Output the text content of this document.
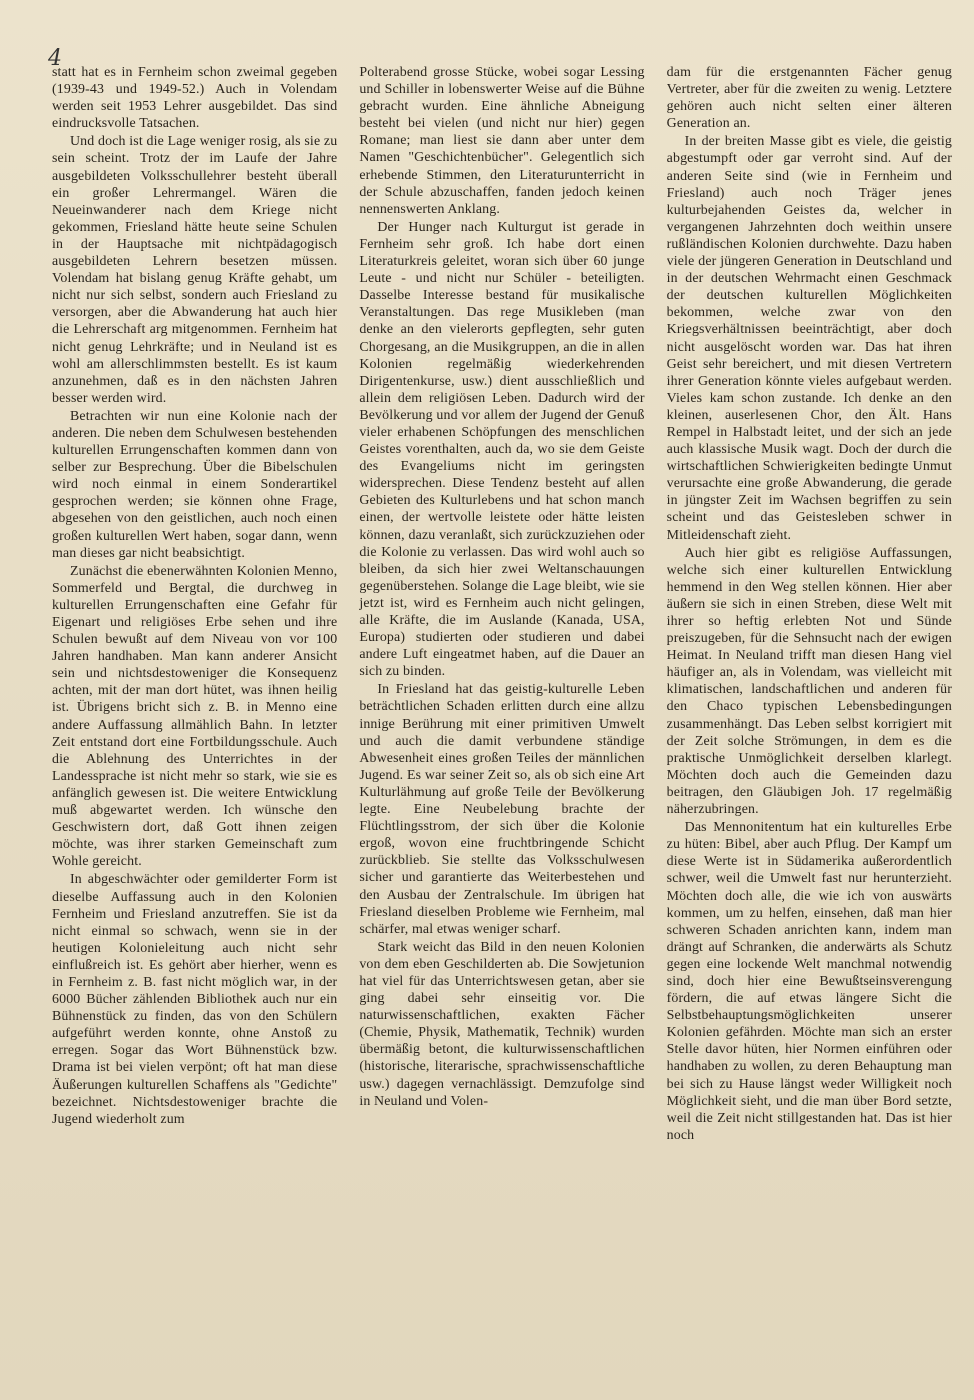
4

statt hat es in Fernheim schon zweimal gegeben (1939-43 und 1949-52.) Auch in Volendam werden seit 1953 Lehrer ausgebildet. Das sind eindrucksvolle Tatsachen.

Und doch ist die Lage weniger rosig, als sie zu sein scheint. Trotz der im Laufe der Jahre ausgebildeten Volksschullehrer besteht überall ein großer Lehrermangel. Wären die Neueinwanderer nach dem Kriege nicht gekommen, Friesland hätte heute seine Schulen in der Hauptsache mit nichtpädagogisch ausgebildeten Lehrern besetzen müssen. Volendam hat bislang genug Kräfte gehabt, um nicht nur sich selbst, sondern auch Friesland zu versorgen, aber die Abwanderung hat auch hier die Lehrerschaft arg mitgenommen. Fernheim hat nicht genug Lehrkräfte; und in Neuland ist es wohl am allerschlimmsten bestellt. Es ist kaum anzunehmen, daß es in den nächsten Jahren besser werden wird.

Betrachten wir nun eine Kolonie nach der anderen. Die neben dem Schulwesen bestehenden kulturellen Errungenschaften kommen dann von selber zur Besprechung. Über die Bibelschulen wird noch einmal in einem Sonderartikel gesprochen werden; sie können ohne Frage, abgesehen von den geistlichen, auch noch einen großen kulturellen Wert haben, sogar dann, wenn man dieses gar nicht beabsichtigt.

Zunächst die ebenerwähnten Kolonien Menno, Sommerfeld und Bergtal, die durchweg in kulturellen Errungenschaften eine Gefahr für Eigenart und religiöses Erbe sehen und ihre Schulen bewußt auf dem Niveau von vor 100 Jahren handhaben. Man kann anderer Ansicht sein und nichtsdestoweniger die Konsequenz achten, mit der man dort hütet, was ihnen heilig ist. Übrigens bricht sich z. B. in Menno eine andere Auffassung allmählich Bahn. In letzter Zeit entstand dort eine Fortbildungsschule. Auch die Ablehnung des Unterrichtes in der Landessprache ist nicht mehr so stark, wie sie es anfänglich gewesen ist. Die weitere Entwicklung muß abgewartet werden. Ich wünsche den Geschwistern dort, daß Gott ihnen zeigen möchte, was ihrer starken Gemeinschaft zum Wohle gereicht.

In abgeschwächter oder gemilderter Form ist dieselbe Auffassung auch in den Kolonien Fernheim und Friesland anzutreffen. Sie ist da nicht einmal so schwach, wenn sie in der heutigen Kolonieleitung auch nicht sehr einflußreich ist. Es gehört aber hierher, wenn es in Fernheim z. B. fast nicht möglich war, in der 6000 Bücher zählenden Bibliothek auch nur ein Bühnenstück zu finden, das von den Schülern aufgeführt werden konnte, ohne Anstoß zu erregen. Sogar das Wort Bühnenstück bzw. Drama ist bei vielen verpönt; oft hat man diese Äußerungen kulturellen Schaffens als "Gedichte" bezeichnet. Nichtsdestoweniger brachte die Jugend wiederholt zum

Polterabend grosse Stücke, wobei sogar Lessing und Schiller in lobenswerter Weise auf die Bühne gebracht wurden. Eine ähnliche Abneigung besteht bei vielen (und nicht nur hier) gegen Romane; man liest sie dann aber unter dem Namen "Geschichtenbücher". Gelegentlich sich erhebende Stimmen, den Literaturunterricht in der Schule abzuschaffen, fanden jedoch keinen nennenswerten Anklang.

Der Hunger nach Kulturgut ist gerade in Fernheim sehr groß. Ich habe dort einen Literaturkreis geleitet, woran sich über 60 junge Leute - und nicht nur Schüler - beteiligten. Dasselbe Interesse bestand für musikalische Veranstaltungen. Das rege Musikleben (man denke an den vielerorts gepflegten, sehr guten Chorgesang, an die Musikgruppen, an die in allen Kolonien regelmäßig wiederkehrenden Dirigentenkurse, usw.) dient ausschließlich und allein dem religiösen Leben. Dadurch wird der Bevölkerung und vor allem der Jugend der Genuß vieler erhabenen Schöpfungen des menschlichen Geistes vorenthalten, auch da, wo sie dem Geiste des Evangeliums nicht im geringsten widersprechen. Diese Tendenz besteht auf allen Gebieten des Kulturlebens und hat schon manch einen, der wertvolle leistete oder hätte leisten können, dazu veranlaßt, sich zurückzuziehen oder die Kolonie zu verlassen. Das wird wohl auch so bleiben, da sich hier zwei Weltanschauungen gegenüberstehen. Solange die Lage bleibt, wie sie jetzt ist, wird es Fernheim auch nicht gelingen, alle Kräfte, die im Auslande (Kanada, USA, Europa) studierten oder studieren und dabei andere Luft eingeatmet haben, auf die Dauer an sich zu binden.

In Friesland hat das geistig-kulturelle Leben beträchtlichen Schaden erlitten durch eine allzu innige Berührung mit einer primitiven Umwelt und auch die damit verbundene ständige Abwesenheit eines großen Teiles der männlichen Jugend. Es war seiner Zeit so, als ob sich eine Art Kulturlähmung auf große Teile der Bevölkerung legte. Eine Neubelebung brachte der Flüchtlingsstrom, der sich über die Kolonie ergoß, wovon eine fruchtbringende Schicht zurückblieb. Sie stellte das Volksschulwesen sicher und garantierte das Weiterbestehen und den Ausbau der Zentralschule. Im übrigen hat Friesland dieselben Probleme wie Fernheim, mal schärfer, mal etwas weniger scharf.

Stark weicht das Bild in den neuen Kolonien von dem eben Geschilderten ab. Die Sowjetunion hat viel für das Unterrichtswesen getan, aber sie ging dabei sehr einseitig vor. Die naturwissenschaftlichen, exakten Fächer (Chemie, Physik, Mathematik, Technik) wurden übermäßig betont, die kulturwissenschaftlichen (historische, literarische, sprachwissenschaftliche usw.) dagegen vernachlässigt. Demzufolge sind in Neuland und Volen-

dam für die erstgenannten Fächer genug Vertreter, aber für die zweiten zu wenig. Letztere gehören auch nicht selten einer älteren Generation an.

In der breiten Masse gibt es viele, die geistig abgestumpft oder gar verroht sind. Auf der anderen Seite sind (wie in Fernheim und Friesland) auch noch Träger jenes kulturbejahenden Geistes da, welcher in vergangenen Jahrzehnten doch weithin unsere rußländischen Kolonien durchwehte. Dazu haben viele der jüngeren Generation in Deutschland und in der deutschen Wehrmacht einen Geschmack der deutschen kulturellen Möglichkeiten bekommen, welche zwar von den Kriegsverhältnissen beeinträchtigt, aber doch nicht ausgelöscht worden war. Das hat ihren Geist sehr bereichert, und mit diesen Vertretern ihrer Generation könnte vieles aufgebaut werden. Vieles kam schon zustande. Ich denke an den kleinen, auserlesenen Chor, den Ält. Hans Rempel in Halbstadt leitet, und der sich an jede auch klassische Musik wagt. Doch der durch die wirtschaftlichen Schwierigkeiten bedingte Unmut verursachte eine große Abwanderung, die gerade in jüngster Zeit im Wachsen begriffen zu sein scheint und das Geistesleben schwer in Mitleidenschaft zieht.

Auch hier gibt es religiöse Auffassungen, welche sich einer kulturellen Entwicklung hemmend in den Weg stellen können. Hier aber äußern sie sich in einen Streben, diese Welt mit ihrer so heftig erlebten Not und Sünde preiszugeben, für die Sehnsucht nach der ewigen Heimat. In Neuland trifft man diesen Hang viel häufiger an, als in Volendam, was vielleicht mit klimatischen, landschaftlichen und anderen für den Chaco typischen Lebensbedingungen zusammenhängt. Das Leben selbst korrigiert mit der Zeit solche Strömungen, in dem es die praktische Unmöglichkeit derselben klarlegt. Möchten doch auch die Gemeinden dazu beitragen, den Gläubigen Joh. 17 regelmäßig näherzubringen.

Das Mennonitentum hat ein kulturelles Erbe zu hüten: Bibel, aber auch Pflug. Der Kampf um diese Werte ist in Südamerika außerordentlich schwer, weil die Umwelt fast nur herunterzieht. Möchten doch alle, die wie ich von auswärts kommen, um zu helfen, einsehen, daß man hier schweren Schaden anrichten kann, indem man drängt auf Schranken, die anderwärts als Schutz gegen eine lockende Welt manchmal notwendig sind, doch hier eine Bewußtseinsverengung fördern, die auf etwas längere Sicht die Selbstbehauptungsmöglichkeiten unserer Kolonien gefährden. Möchte man sich an erster Stelle davor hüten, hier Normen einführen oder handhaben zu wollen, zu deren Behauptung man bei sich zu Hause längst weder Willigkeit noch Möglichkeit sieht, und die man über Bord setzte, weil die Zeit nicht stillgestanden hat. Das ist hier noch
